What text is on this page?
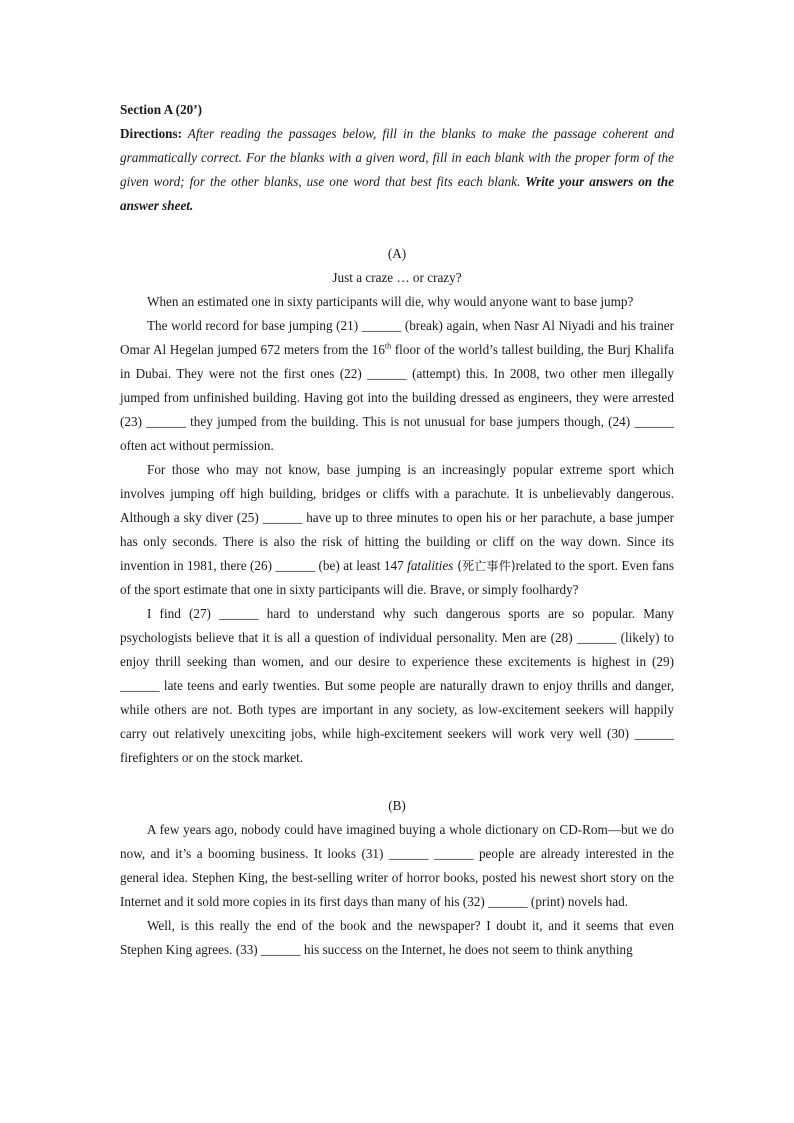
Section A (20’)

Directions: After reading the passages below, fill in the blanks to make the passage coherent and grammatically correct. For the blanks with a given word, fill in each blank with the proper form of the given word; for the other blanks, use one word that best fits each blank. Write your answers on the answer sheet.

(A)

Just a craze … or crazy?

When an estimated one in sixty participants will die, why would anyone want to base jump?

The world record for base jumping (21) ______ (break) again, when Nasr Al Niyadi and his trainer Omar Al Hegelan jumped 672 meters from the 16th floor of the world’s tallest building, the Burj Khalifa in Dubai. They were not the first ones (22) ______ (attempt) this. In 2008, two other men illegally jumped from unfinished building. Having got into the building dressed as engineers, they were arrested (23) ______ they jumped from the building. This is not unusual for base jumpers though, (24) ______ often act without permission.

For those who may not know, base jumping is an increasingly popular extreme sport which involves jumping off high building, bridges or cliffs with a parachute. It is unbelievably dangerous. Although a sky diver (25) ______ have up to three minutes to open his or her parachute, a base jumper has only seconds. There is also the risk of hitting the building or cliff on the way down. Since its invention in 1981, there (26) ______ (be) at least 147 fatalities (死亡事件)related to the sport. Even fans of the sport estimate that one in sixty participants will die. Brave, or simply foolhardy?

I find (27) ______ hard to understand why such dangerous sports are so popular. Many psychologists believe that it is all a question of individual personality. Men are (28) ______ (likely) to enjoy thrill seeking than women, and our desire to experience these excitements is highest in (29) ______ late teens and early twenties. But some people are naturally drawn to enjoy thrills and danger, while others are not. Both types are important in any society, as low-excitement seekers will happily carry out relatively unexciting jobs, while high-excitement seekers will work very well (30) ______ firefighters or on the stock market.

(B)

A few years ago, nobody could have imagined buying a whole dictionary on CD-Rom—but we do now, and it’s a booming business. It looks (31) ______ ______ people are already interested in the general idea. Stephen King, the best-selling writer of horror books, posted his newest short story on the Internet and it sold more copies in its first days than many of his (32) ______ (print) novels had.

Well, is this really the end of the book and the newspaper? I doubt it, and it seems that even Stephen King agrees. (33) ______ his success on the Internet, he does not seem to think anything
